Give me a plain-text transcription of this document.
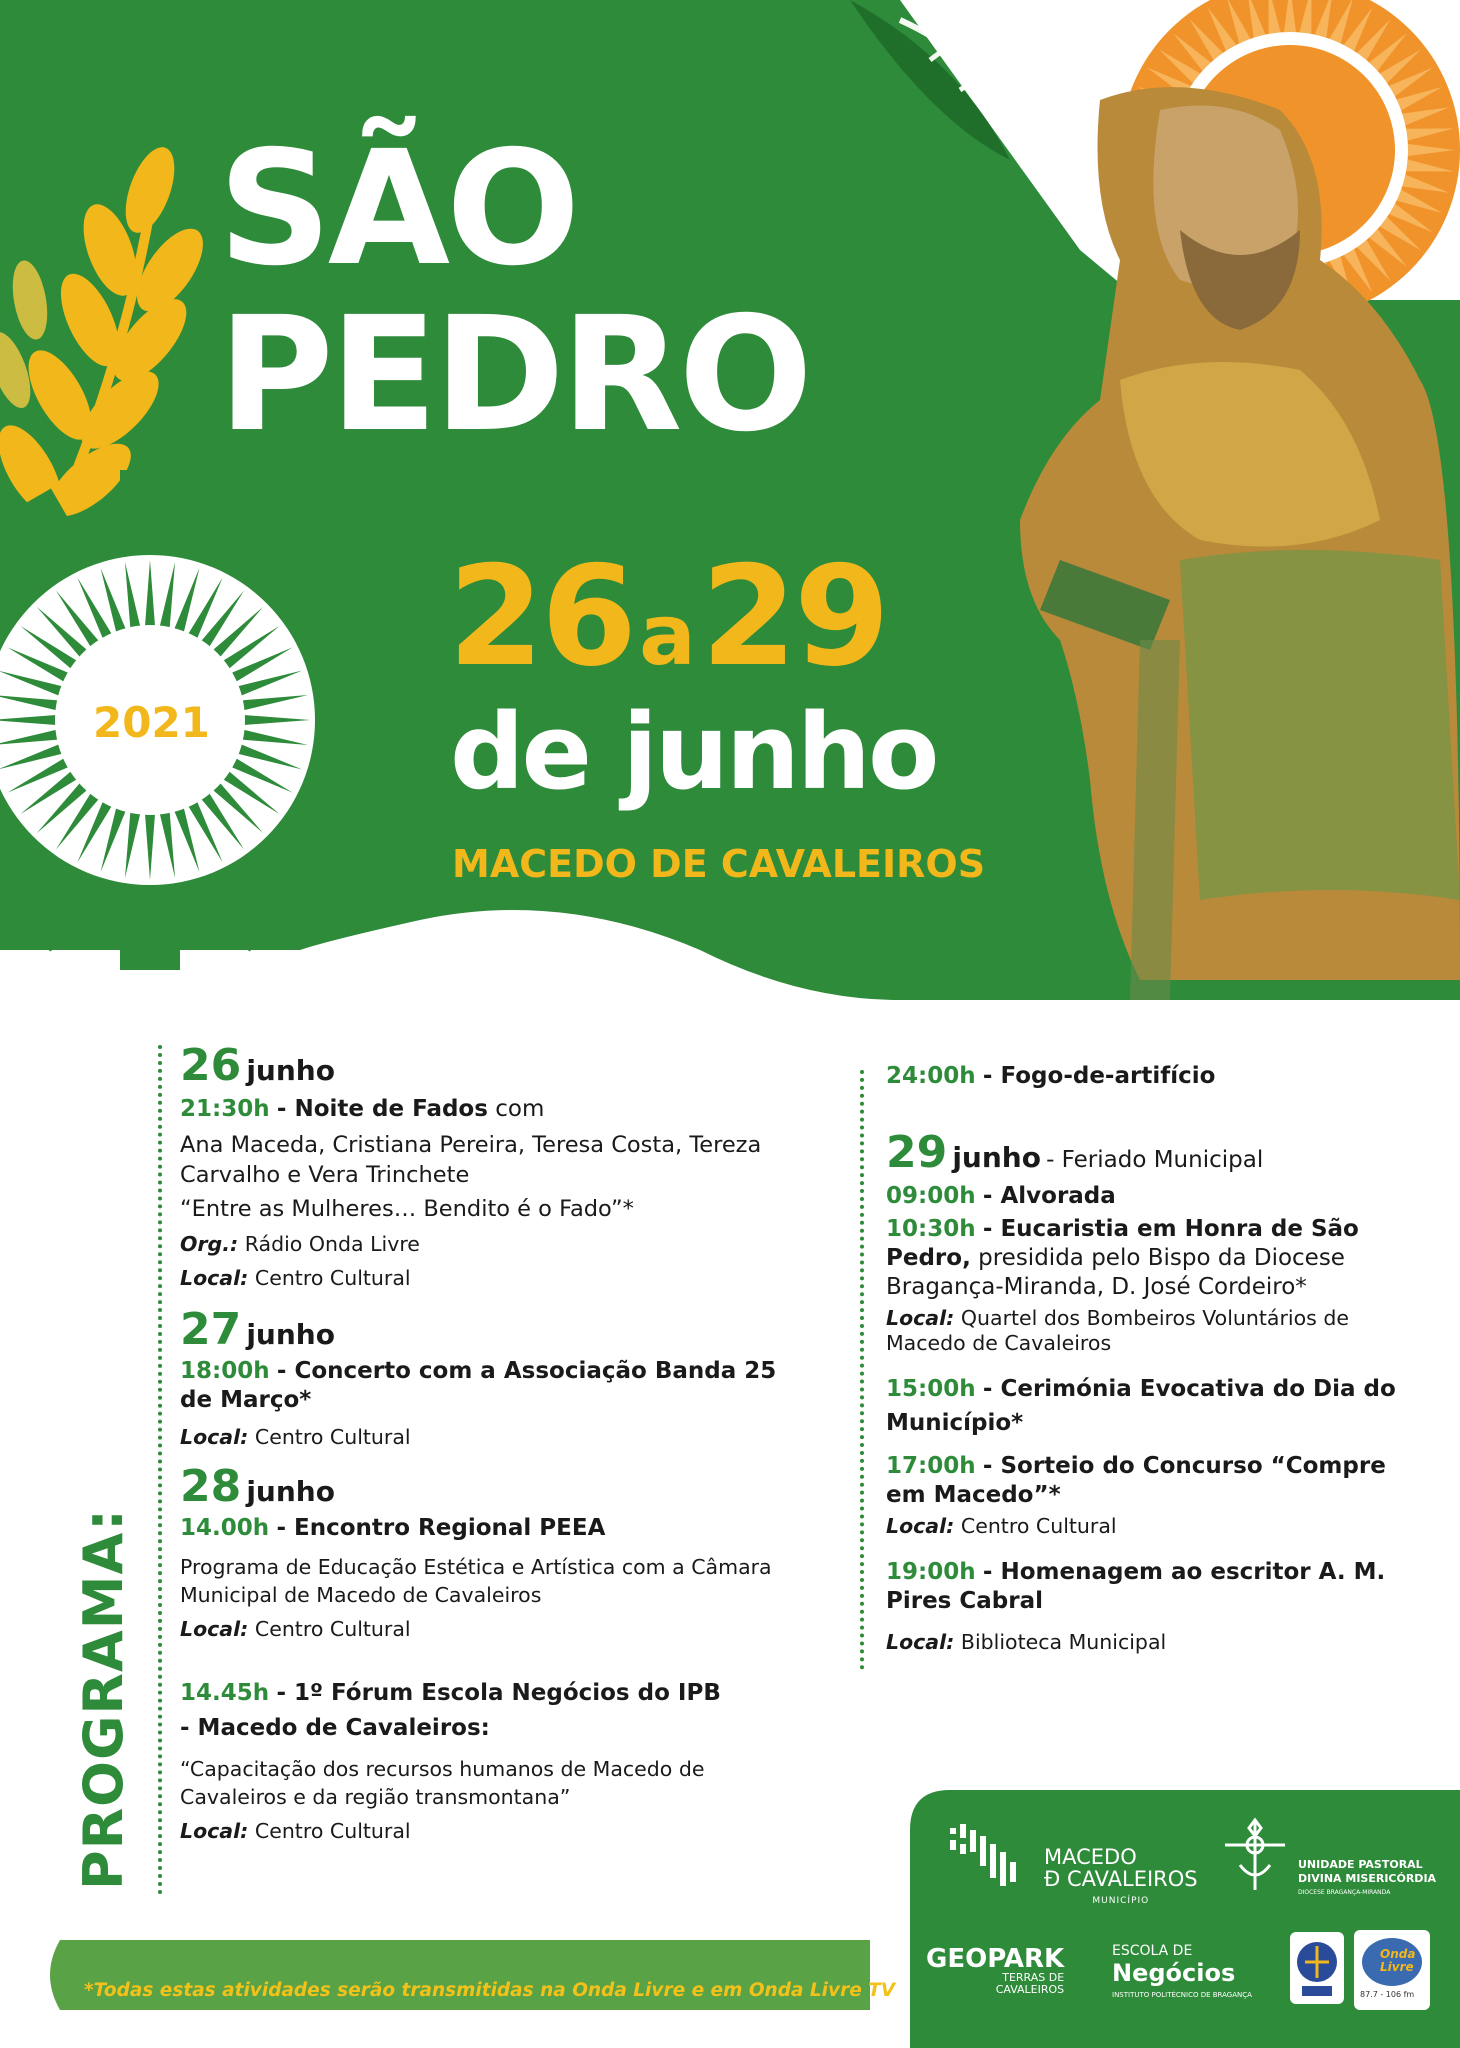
SÃO
PEDRO
26 a 29
de junho
MACEDO DE CAVALEIROS
2021
PROGRAMA:

26 junho

21:30h - Noite de Fados com

Ana Maceda, Cristiana Pereira, Teresa Costa, Tereza Carvalho e Vera Trinchete

“Entre as Mulheres… Bendito é o Fado”*

Org.: Rádio Onda Livre

Local: Centro Cultural

27 junho

18:00h - Concerto com a Associação Banda 25 de Março*

Local: Centro Cultural

28 junho

14.00h - Encontro Regional PEEA

Programa de Educação Estética e Artística com a Câmara Municipal de Macedo de Cavaleiros

Local: Centro Cultural

14.45h - 1º Fórum Escola Negócios do IPB

- Macedo de Cavaleiros:

“Capacitação dos recursos humanos de Macedo de Cavaleiros e da região transmontana”

Local: Centro Cultural

24:00h - Fogo-de-artifício

29 junho - Feriado Municipal

09:00h - Alvorada

10:30h - Eucaristia em Honra de São Pedro, presidida pelo Bispo da Diocese Bragança-Miranda, D. José Cordeiro*

Local: Quartel dos Bombeiros Voluntários de Macedo de Cavaleiros

15:00h - Cerimónia Evocativa do Dia do Município*

17:00h - Sorteio do Concurso “Compre em Macedo”*

Local: Centro Cultural

19:00h - Homenagem ao escritor A. M. Pires Cabral

Local: Biblioteca Municipal

*Todas estas atividades serão transmitidas na Onda Livre e em Onda Livre TV
MACEDO
Đ CAVALEIROS
MUNICÍPIO
UNIDADE PASTORAL
DIVINA MISERICÓRDIA
DIOCESE BRAGANÇA-MIRANDA
GEOPARK
TERRAS DE
CAVALEIROS
ESCOLA DE
Negócios
INSTITUTO POLITÉCNICO DE BRAGANÇA
Onda
Livre
87.7 - 106 fm
